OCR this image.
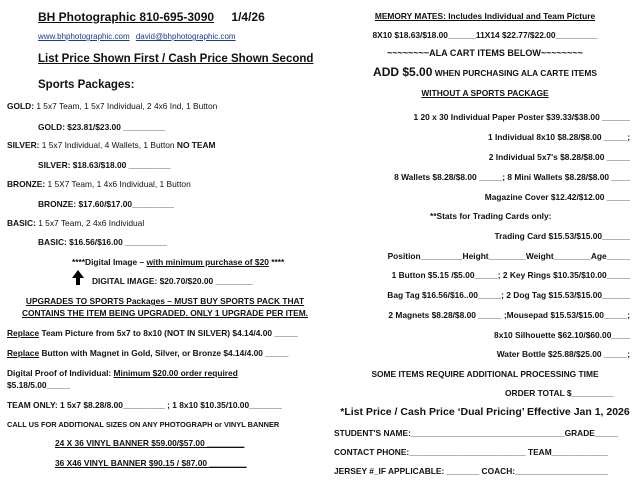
BH Photographic 810-695-3090 1/4/26
www.bhphotographic.com david@bhphotographic.com
List Price Shown First / Cash Price Shown Second
Sports Packages:
GOLD: 1 5x7 Team, 1 5x7 Individual, 2 4x6 Ind, 1 Button
GOLD: $23.81/$23.00 _________
SILVER: 1 5x7 Individual, 4 Wallets, 1 Button NO TEAM
SILVER: $18.63/$18.00 _________
BRONZE: 1 5X7 Team, 1 4x6 Individual, 1 Button
BRONZE: $17.60/$17.00_________
BASIC: 1 5x7 Team, 2 4x6 Individual
BASIC: $16.56/$16.00 _________
****Digital Image – with minimum purchase of $20 ****
DIGITAL IMAGE: $20.70/$20.00 ________
UPGRADES TO SPORTS Packages – MUST BUY SPORTS PACK THAT
CONTAINS THE ITEM BEING UPGRADED. ONLY 1 UPGRADE PER ITEM.
Replace Team Picture from 5x7 to 8x10 (NOT IN SILVER) $4.14/4.00 _____
Replace Button with Magnet in Gold, Silver, or Bronze $4.14/4.00 _____
Digital Proof of Individual: Minimum $20.00 order required
$5.18/5.00_____
TEAM ONLY: 1 5x7 $8.28/8.00_________ ; 1 8x10 $10.35/10.00_______
CALL US FOR ADDITIONAL SIZES ON ANY PHOTOGRAPH or VINYL BANNER
24 X 36 VINYL BANNER $59.00/$57.00 ________
36 X46 VINYL BANNER $90.15 / $87.00 ________
MEMORY MATES: Includes Individual and Team Picture
8X10 $18.63/$18.00______11X14 $22.77/$22.00_________
~~~~~~~~ALA CART ITEMS BELOW~~~~~~~~
ADD $5.00 WHEN PURCHASING ALA CARTE ITEMS
WITHOUT A SPORTS PACKAGE
1 20 x 30 Individual Paper Poster $39.33/$38.00 ______
1 Individual 8x10 $8.28/$8.00 _____;
2 Individual 5x7's $8.28/$8.00 _____
8 Wallets $8.28/$8.00 _____; 8 Mini Wallets $8.28/$8.00 ____
Magazine Cover $12.42/$12.00 _____
**Stats for Trading Cards only:
Trading Card $15.53/$15.00______
Position_________Height________Weight________Age_____
1 Button $5.15 /$5.00_____; 2 Key Rings $10.35/$10.00_____
Bag Tag $16.56/$16..00_____; 2 Dog Tag $15.53/$15.00______
2 Magnets $8.28/$8.00 _____ ;Mousepad $15.53/$15.00_____;
8x10 Silhouette $62.10/$60.00____
Water Bottle $25.88/$25.00 _____;
SOME ITEMS REQUIRE ADDITIONAL PROCESSING TIME
ORDER TOTAL $_________
*List Price / Cash Price ‘Dual Pricing’ Effective Jan 1, 2026
STUDENT'S NAME:_________________________________GRADE_____
CONTACT PHONE:_________________________ TEAM____________
JERSEY #_IF APPLICABLE: _______ COACH:____________________
